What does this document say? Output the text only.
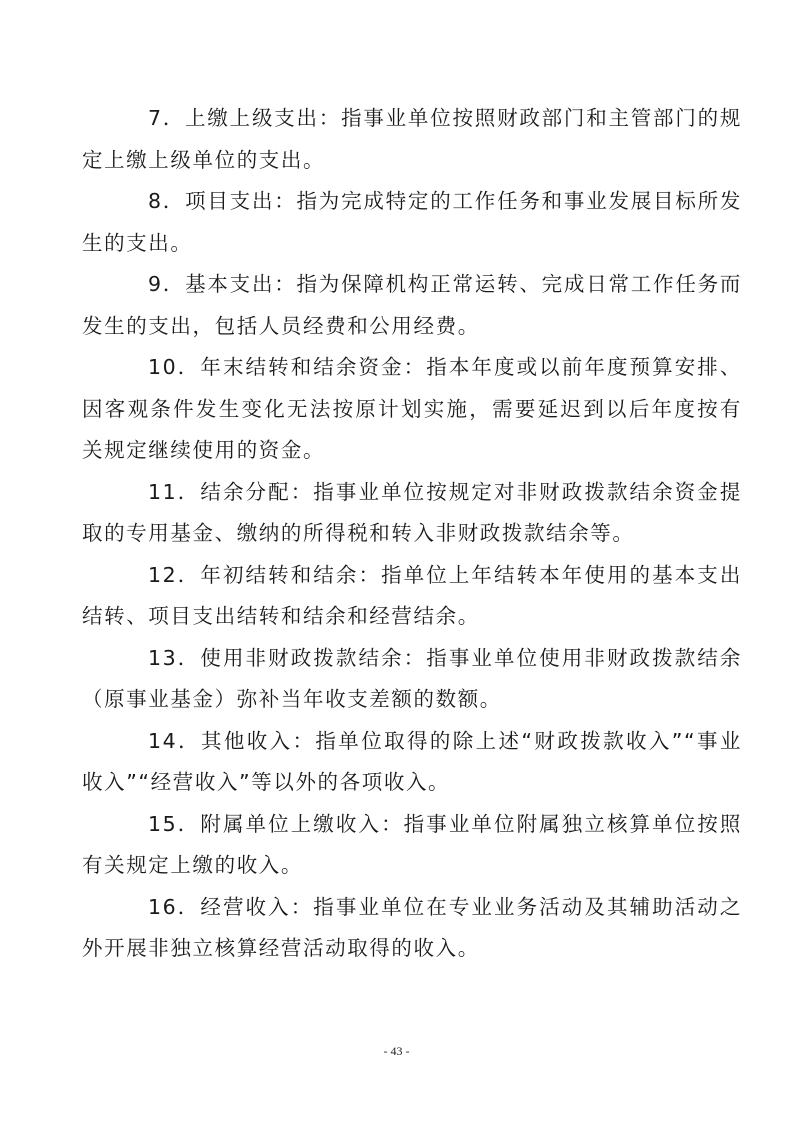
7．上缴上级支出：指事业单位按照财政部门和主管部门的规定上缴上级单位的支出。

8．项目支出：指为完成特定的工作任务和事业发展目标所发生的支出。

9．基本支出：指为保障机构正常运转、完成日常工作任务而发生的支出，包括人员经费和公用经费。

10．年末结转和结余资金：指本年度或以前年度预算安排、因客观条件发生变化无法按原计划实施，需要延迟到以后年度按有关规定继续使用的资金。

11．结余分配：指事业单位按规定对非财政拨款结余资金提取的专用基金、缴纳的所得税和转入非财政拨款结余等。

12．年初结转和结余：指单位上年结转本年使用的基本支出结转、项目支出结转和结余和经营结余。

13．使用非财政拨款结余：指事业单位使用非财政拨款结余（原事业基金）弥补当年收支差额的数额。

14．其他收入：指单位取得的除上述“财政拨款收入”“事业收入”“经营收入”等以外的各项收入。

15．附属单位上缴收入：指事业单位附属独立核算单位按照有关规定上缴的收入。

16．经营收入：指事业单位在专业业务活动及其辅助活动之外开展非独立核算经营活动取得的收入。

- 43 -
